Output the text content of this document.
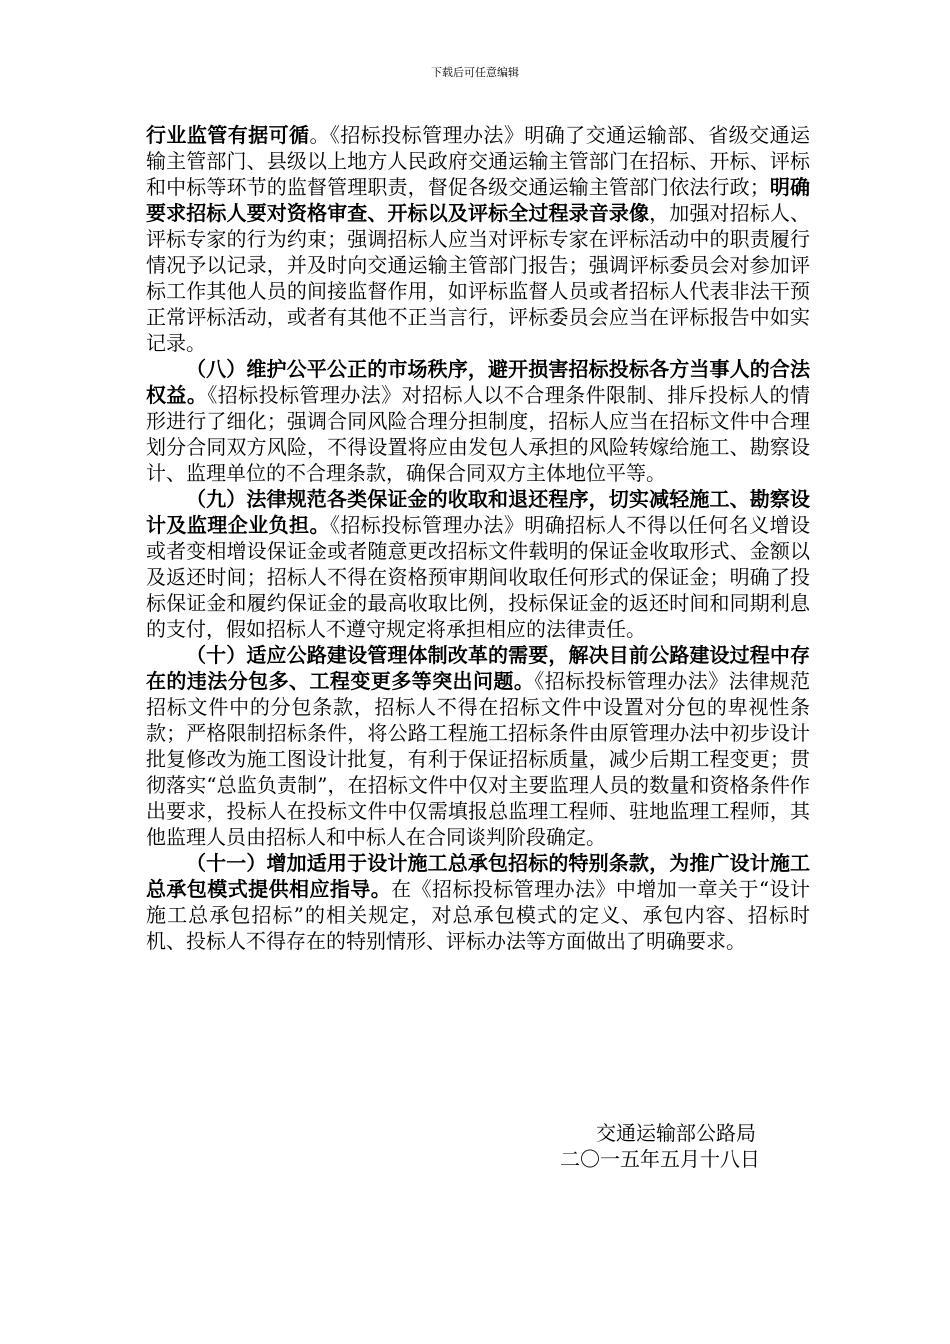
下载后可任意编辑

行业监管有据可循。《招标投标管理办法》明确了交通运输部、省级交通运输主管部门、县级以上地方人民政府交通运输主管部门在招标、开标、评标和中标等环节的监督管理职责，督促各级交通运输主管部门依法行政；明确要求招标人要对资格审查、开标以及评标全过程录音录像，加强对招标人、评标专家的行为约束；强调招标人应当对评标专家在评标活动中的职责履行情况予以记录，并及时向交通运输主管部门报告；强调评标委员会对参加评标工作其他人员的间接监督作用，如评标监督人员或者招标人代表非法干预正常评标活动，或者有其他不正当言行，评标委员会应当在评标报告中如实记录。

（八）维护公平公正的市场秩序，避开损害招标投标各方当事人的合法权益。《招标投标管理办法》对招标人以不合理条件限制、排斥投标人的情形进行了细化；强调合同风险合理分担制度，招标人应当在招标文件中合理划分合同双方风险，不得设置将应由发包人承担的风险转嫁给施工、勘察设计、监理单位的不合理条款，确保合同双方主体地位平等。

（九）法律规范各类保证金的收取和退还程序，切实减轻施工、勘察设计及监理企业负担。《招标投标管理办法》明确招标人不得以任何名义增设或者变相增设保证金或者随意更改招标文件载明的保证金收取形式、金额以及返还时间；招标人不得在资格预审期间收取任何形式的保证金；明确了投标保证金和履约保证金的最高收取比例，投标保证金的返还时间和同期利息的支付，假如招标人不遵守规定将承担相应的法律责任。

（十）适应公路建设管理体制改革的需要，解决目前公路建设过程中存在的违法分包多、工程变更多等突出问题。《招标投标管理办法》法律规范招标文件中的分包条款，招标人不得在招标文件中设置对分包的卑视性条款；严格限制招标条件，将公路工程施工招标条件由原管理办法中初步设计批复修改为施工图设计批复，有利于保证招标质量，减少后期工程变更；贯彻落实“总监负责制”，在招标文件中仅对主要监理人员的数量和资格条件作出要求，投标人在投标文件中仅需填报总监理工程师、驻地监理工程师，其他监理人员由招标人和中标人在合同谈判阶段确定。

（十一）增加适用于设计施工总承包招标的特别条款，为推广设计施工总承包模式提供相应指导。在《招标投标管理办法》中增加一章关于“设计施工总承包招标”的相关规定，对总承包模式的定义、承包内容、招标时机、投标人不得存在的特别情形、评标办法等方面做出了明确要求。

交通运输部公路局
二〇一五年五月十八日
